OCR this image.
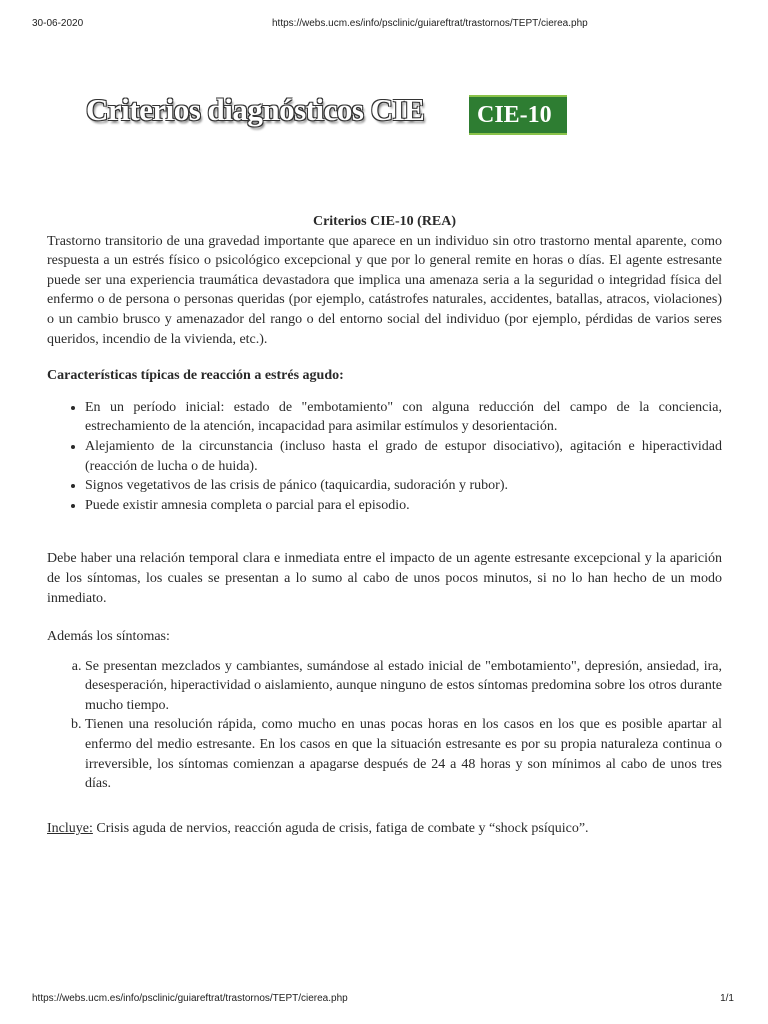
30-06-2020	https://webs.ucm.es/info/psclinic/guiareftrat/trastornos/TEPT/cierea.php
Criterios diagnósticos CIE	CIE-10

Criterios CIE-10 (REA)

Trastorno transitorio de una gravedad importante que aparece en un individuo sin otro trastorno mental aparente, como respuesta a un estrés físico o psicológico excepcional y que por lo general remite en horas o días. El agente estresante puede ser una experiencia traumática devastadora que implica una amenaza seria a la seguridad o integridad física del enfermo o de persona o personas queridas (por ejemplo, catástrofes naturales, accidentes, batallas, atracos, violaciones) o un cambio brusco y amenazador del rango o del entorno social del individuo (por ejemplo, pérdidas de varios seres queridos, incendio de la vivienda, etc.).

Características típicas de reacción a estrés agudo:

• En un período inicial: estado de "embotamiento" con alguna reducción del campo de la conciencia, estrechamiento de la atención, incapacidad para asimilar estímulos y desorientación.
• Alejamiento de la circunstancia (incluso hasta el grado de estupor disociativo), agitación e hiperactividad (reacción de lucha o de huida).
• Signos vegetativos de las crisis de pánico (taquicardia, sudoración y rubor).
• Puede existir amnesia completa o parcial para el episodio.

Debe haber una relación temporal clara e inmediata entre el impacto de un agente estresante excepcional y la aparición de los síntomas, los cuales se presentan a lo sumo al cabo de unos pocos minutos, si no lo han hecho de un modo inmediato.

Además los síntomas:

a. Se presentan mezclados y cambiantes, sumándose al estado inicial de "embotamiento", depresión, ansiedad, ira, desesperación, hiperactividad o aislamiento, aunque ninguno de estos síntomas predomina sobre los otros durante mucho tiempo.
b. Tienen una resolución rápida, como mucho en unas pocas horas en los casos en los que es posible apartar al enfermo del medio estresante. En los casos en que la situación estresante es por su propia naturaleza continua o irreversible, los síntomas comienzan a apagarse después de 24 a 48 horas y son mínimos al cabo de unos tres días.

Incluye: Crisis aguda de nervios, reacción aguda de crisis, fatiga de combate y “shock psíquico”.

https://webs.ucm.es/info/psclinic/guiareftrat/trastornos/TEPT/cierea.php	1/1
